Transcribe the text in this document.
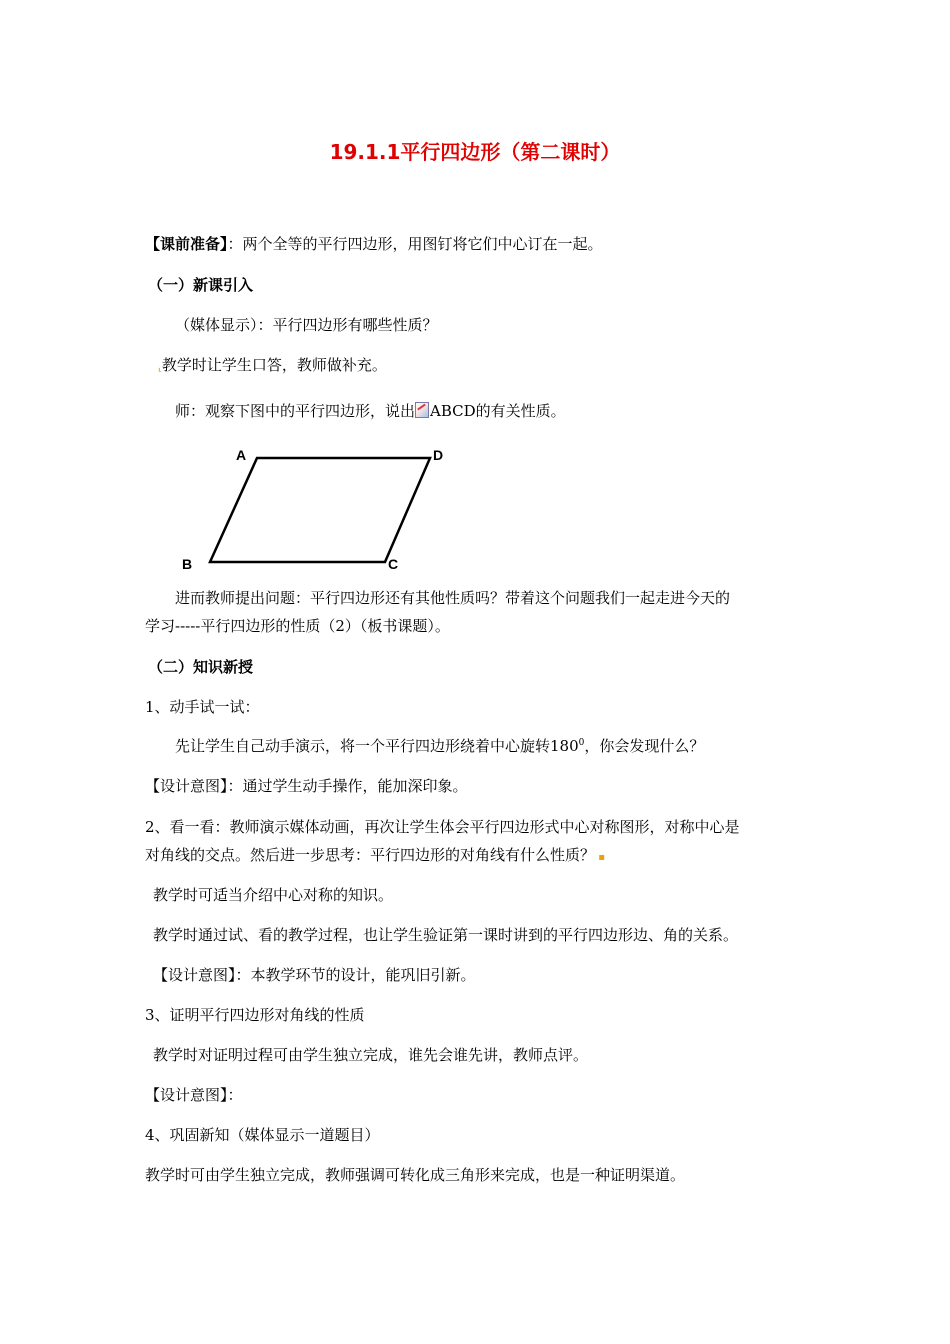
19.1.1平行四边形（第二课时）
【课前准备】：两个全等的平行四边形，用图钉将它们中心订在一起。
（一）新课引入
（媒体显示）：平行四边形有哪些性质？
⸤教学时让学生口答，教师做补充。
师：观察下图中的平行四边形，说出 ABCD的有关性质。
A	D
B	C
进而教师提出问题：平行四边形还有其他性质吗？带着这个问题我们一起走进今天的
学习-----平行四边形的性质（2）（板书课题）。
（二）知识新授
1、动手试一试：
先让学生自己动手演示，将一个平行四边形绕着中心旋转$180^0$，你会发现什么？
【设计意图】：通过学生动手操作，能加深印象。
2、看一看：教师演示媒体动画，再次让学生体会平行四边形式中心对称图形，对称中心是
对角线的交点。然后进一步思考：平行四边形的对角线有什么性质？ ▪
教学时可适当介绍中心对称的知识。
教学时通过试、看的教学过程，也让学生验证第一课时讲到的平行四边形边、角的关系。
【设计意图】：本教学环节的设计，能巩旧引新。
3、证明平行四边形对角线的性质
教学时对证明过程可由学生独立完成，谁先会谁先讲，教师点评。
【设计意图】：
4、巩固新知（媒体显示一道题目）
教学时可由学生独立完成，教师强调可转化成三角形来完成，也是一种证明渠道。
